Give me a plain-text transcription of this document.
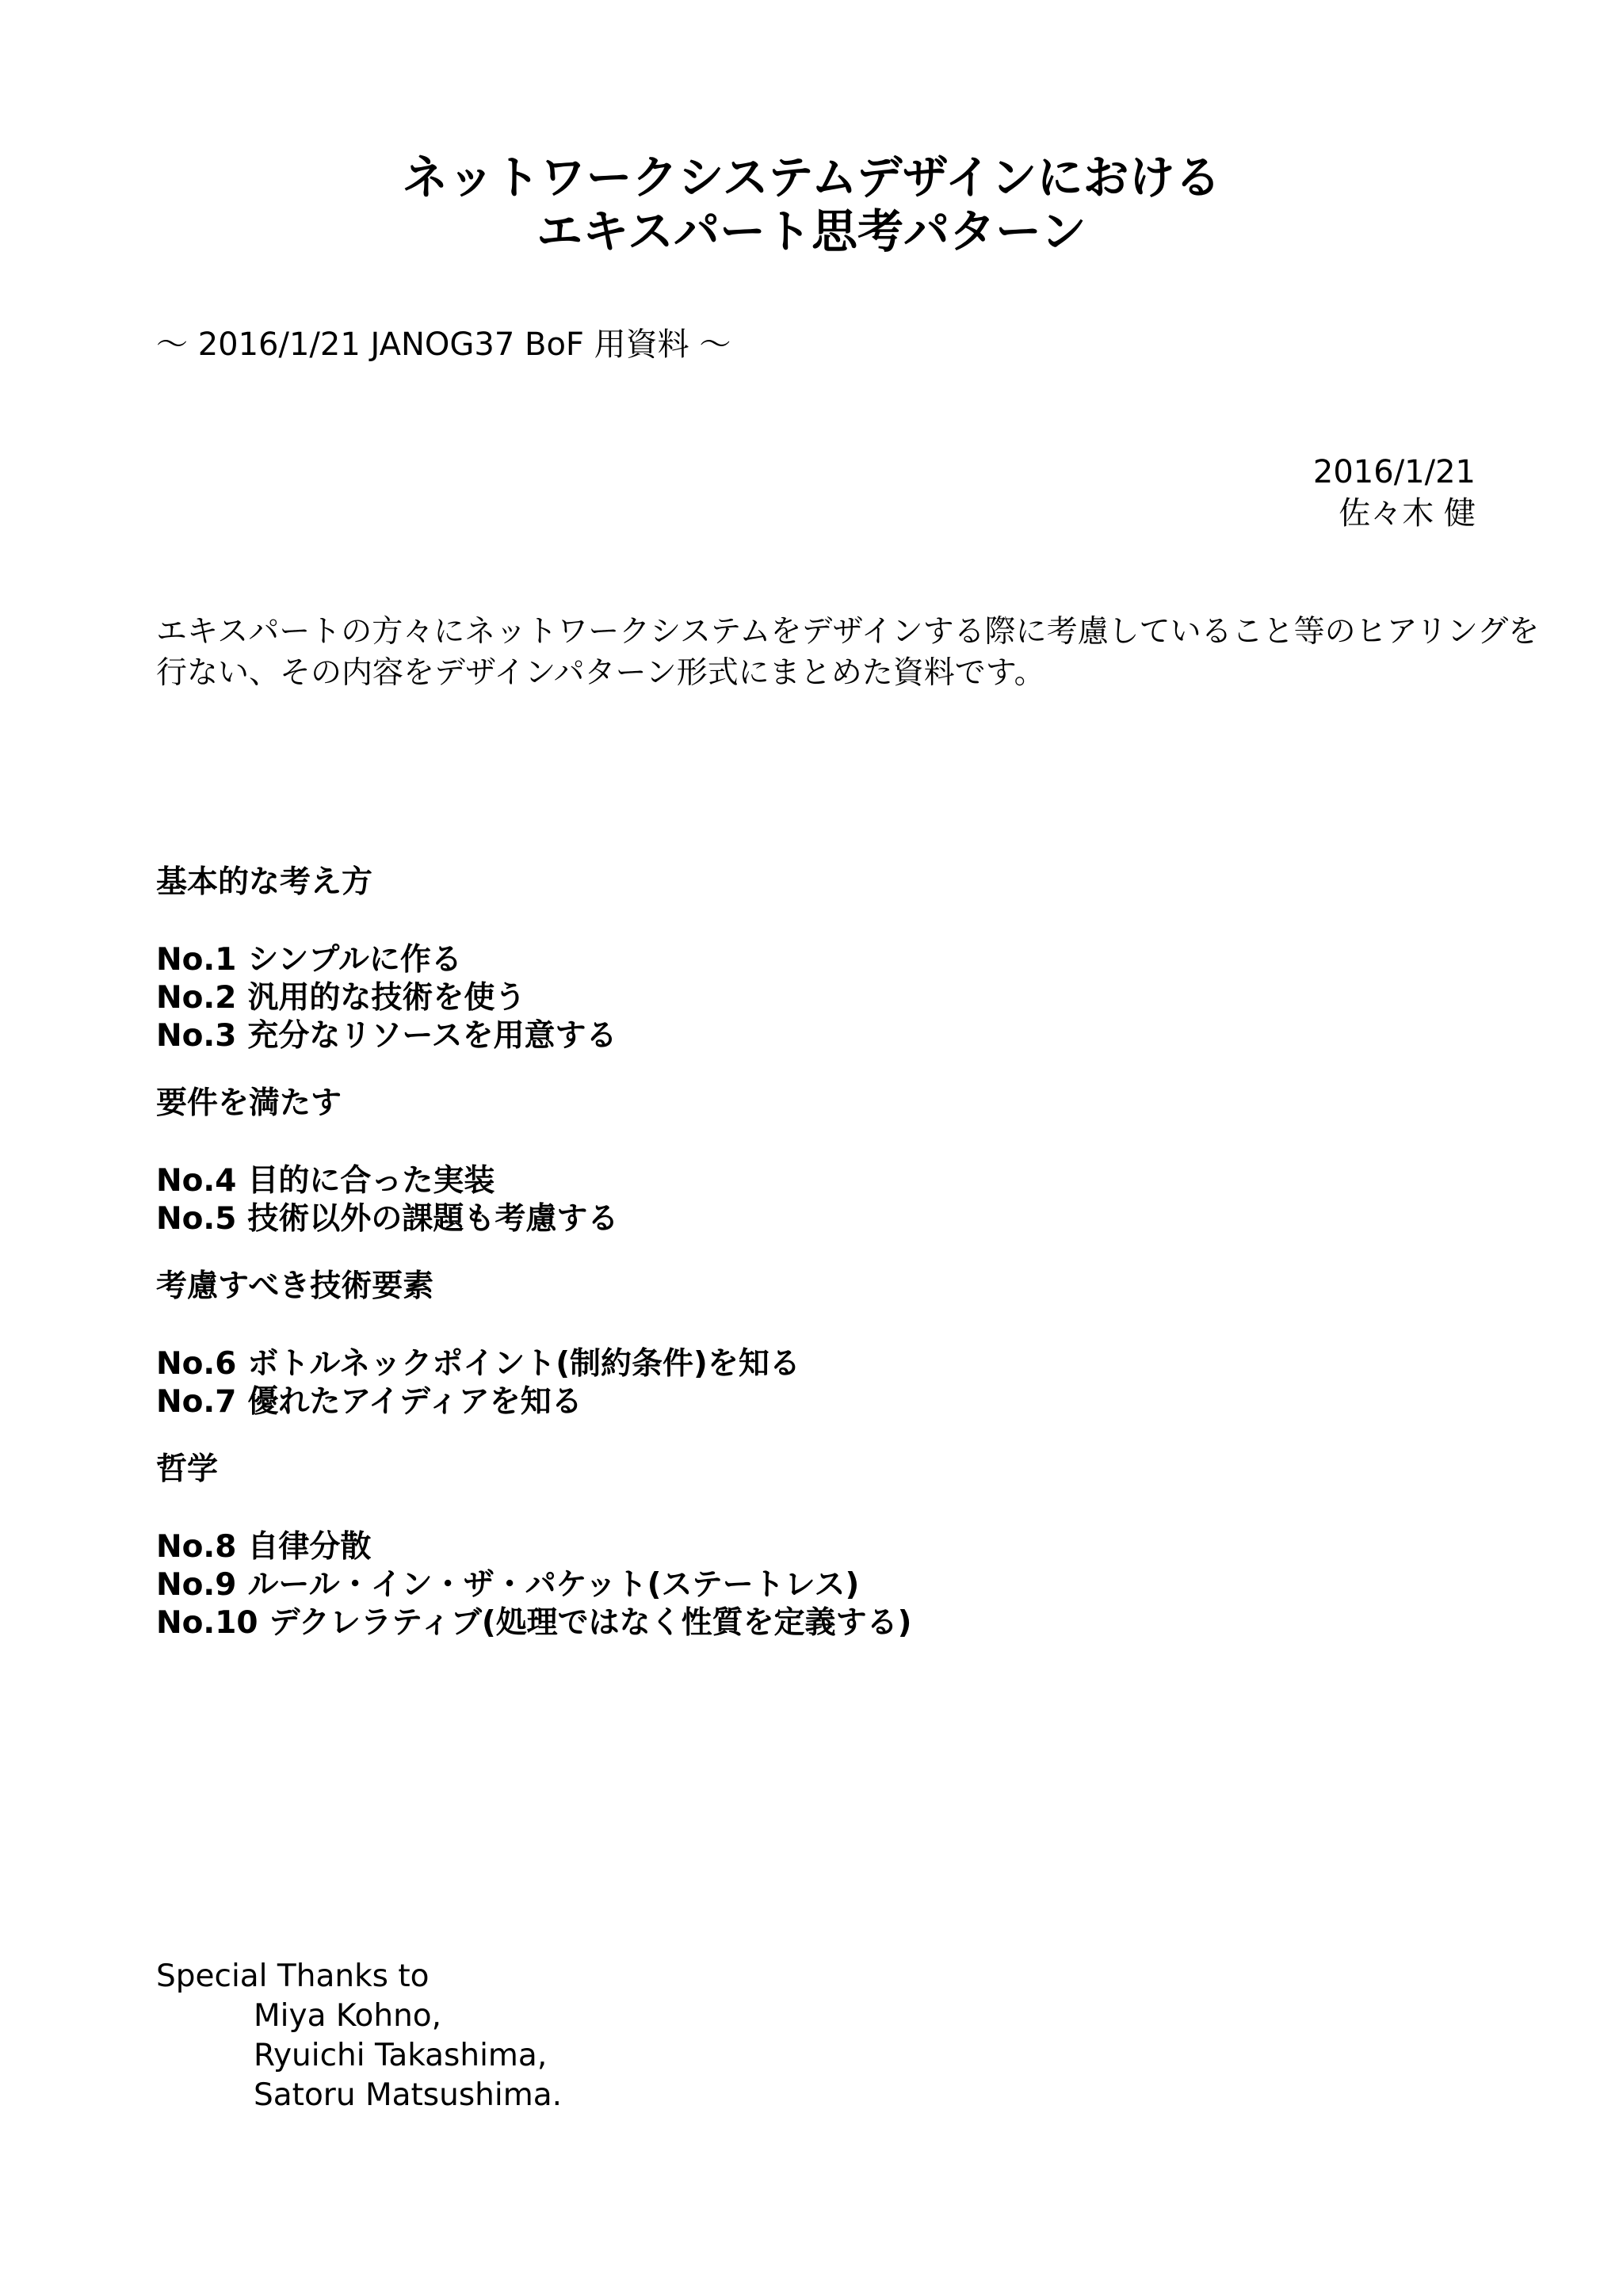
ネットワークシステムデザインにおける
エキスパート思考パターン

〜 2016/1/21 JANOG37 BoF 用資料 〜

2016/1/21
佐々木 健

エキスパートの方々にネットワークシステムをデザインする際に考慮していること等のヒアリングを
行ない、その内容をデザインパターン形式にまとめた資料です。

基本的な考え方
No.1 シンプルに作る
No.2 汎用的な技術を使う
No.3 充分なリソースを用意する
要件を満たす
No.4 目的に合った実装
No.5 技術以外の課題も考慮する
考慮すべき技術要素
No.6 ボトルネックポイント(制約条件)を知る
No.7 優れたアイディアを知る
哲学
No.8 自律分散
No.9 ルール・イン・ザ・パケット(ステートレス)
No.10 デクレラティブ(処理ではなく性質を定義する)
Special Thanks to
Miya Kohno,
Ryuichi Takashima,
Satoru Matsushima.
